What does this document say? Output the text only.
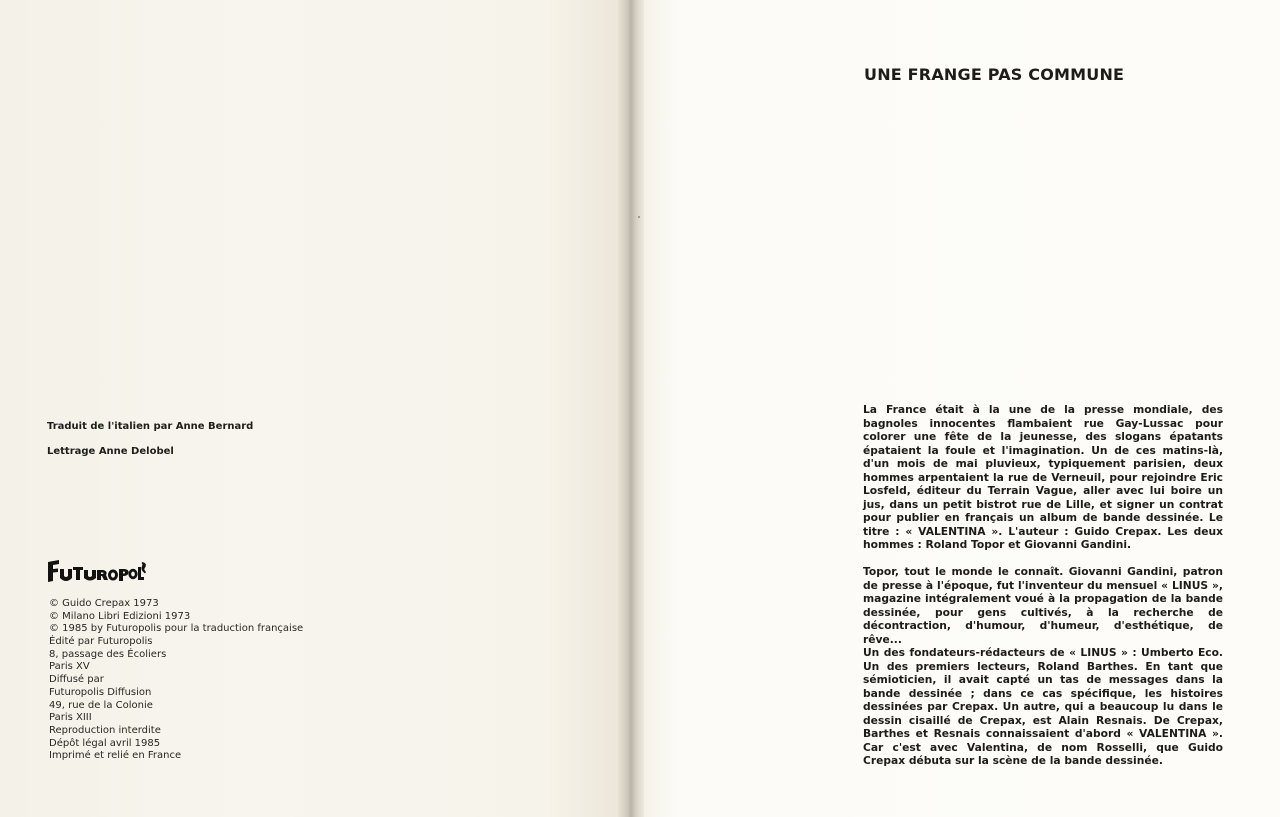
Traduit de l'italien par Anne Bernard
Lettrage Anne Delobel
FUTUROPOLIS
© Guido Crepax 1973
© Milano Libri Edizioni 1973
© 1985 by Futuropolis pour la traduction française
Édité par Futuropolis
8, passage des Écoliers
Paris XV
Diffusé par
Futuropolis Diffusion
49, rue de la Colonie
Paris XIII
Reproduction interdite
Dépôt légal avril 1985
Imprimé et relié en France
UNE FRANGE PAS COMMUNE

La France était à la une de la presse mondiale, des bagnoles innocentes flambaient rue Gay-Lussac pour colorer une fête de la jeunesse, des slogans épatants épataient la foule et l'imagination. Un de ces matins-là, d'un mois de mai pluvieux, typiquement parisien, deux hommes arpentaient la rue de Verneuil, pour rejoindre Eric Losfeld, éditeur du Terrain Vague, aller avec lui boire un jus, dans un petit bistrot rue de Lille, et signer un contrat pour publier en français un album de bande dessinée. Le titre : « VALENTINA ». L'auteur : Guido Crepax. Les deux hommes : Roland Topor et Giovanni Gandini.

Topor, tout le monde le connaît. Giovanni Gandini, patron de presse à l'époque, fut l'inventeur du mensuel « LINUS », magazine intégralement voué à la propagation de la bande dessinée, pour gens cultivés, à la recherche de décontraction, d'humour, d'humeur, d'esthétique, de rêve...

Un des fondateurs-rédacteurs de « LINUS » : Umberto Eco. Un des premiers lecteurs, Roland Barthes. En tant que sémioticien, il avait capté un tas de messages dans la bande dessinée ; dans ce cas spécifique, les histoires dessinées par Crepax. Un autre, qui a beaucoup lu dans le dessin cisaillé de Crepax, est Alain Resnais. De Crepax, Barthes et Resnais connaissaient d'abord « VALENTINA ». Car c'est avec Valentina, de nom Rosselli, que Guido Crepax débuta sur la scène de la bande dessinée.
